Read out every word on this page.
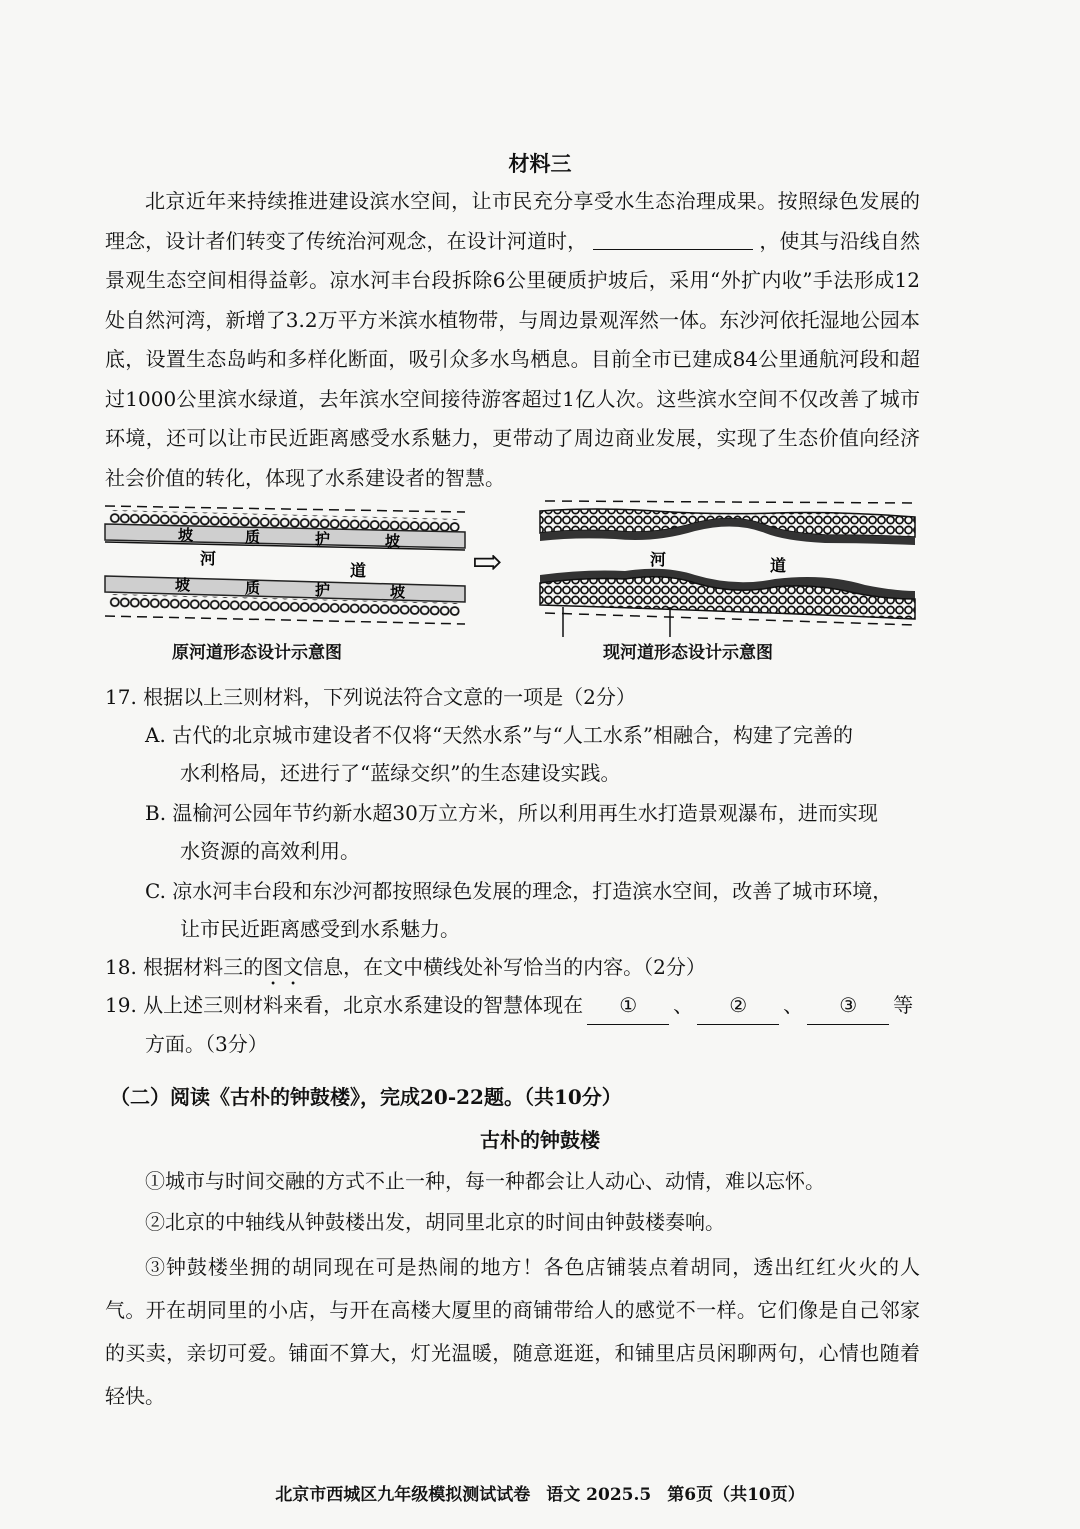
材料三

北京近年来持续推进建设滨水空间，让市民充分享受水生态治理成果。按照绿色发展的理念，设计者们转变了传统治河观念，在设计河道时，	，使其与沿线自然景观生态空间相得益彰。凉水河丰台段拆除6公里硬质护坡后，采用“外扩内收”手法形成12处自然河湾，新增了3.2万平方米滨水植物带，与周边景观浑然一体。东沙河依托湿地公园本底，设置生态岛屿和多样化断面，吸引众多水鸟栖息。目前全市已建成84公里通航河段和超过1000公里滨水绿道，去年滨水空间接待游客超过1亿人次。这些滨水空间不仅改善了城市环境，还可以让市民近距离感受水系魅力，更带动了周边商业发展，实现了生态价值向经济社会价值的转化，体现了水系建设者的智慧。

坡	质	护	坡
河
道
坡	质	护	坡
⇨	河	道
原河道形态设计示意图	现河道形态设计示意图

17. 根据以上三则材料，下列说法符合文意的一项是（2分）

A. 古代的北京城市建设者不仅将“天然水系”与“人工水系”相融合，构建了完善的
水利格局，还进行了“蓝绿交织”的生态建设实践。

B. 温榆河公园年节约新水超30万立方米，所以利用再生水打造景观瀑布，进而实现
水资源的高效利用。

C. 凉水河丰台段和东沙河都按照绿色发展的理念，打造滨水空间，改善了城市环境，
让市民近距离感受到水系魅力。

18. 根据材料三的图文信息，在文中横线处补写恰当的内容。（2分）

19. 从上述三则材料来看，北京水系建设的智慧体现在 ① 、 ② 、 ③ 等
方面。（3分）

（二）阅读《古朴的钟鼓楼》，完成20-22题。（共10分）

古朴的钟鼓楼

①城市与时间交融的方式不止一种，每一种都会让人动心、动情，难以忘怀。

②北京的中轴线从钟鼓楼出发，胡同里北京的时间由钟鼓楼奏响。

③钟鼓楼坐拥的胡同现在可是热闹的地方！各色店铺装点着胡同，透出红红火火的人气。开在胡同里的小店，与开在高楼大厦里的商铺带给人的感觉不一样。它们像是自己邻家的买卖，亲切可爱。铺面不算大，灯光温暖，随意逛逛，和铺里店员闲聊两句，心情也随着轻快。

北京市西城区九年级模拟测试试卷 语文 2025.5 第6页（共10页）
